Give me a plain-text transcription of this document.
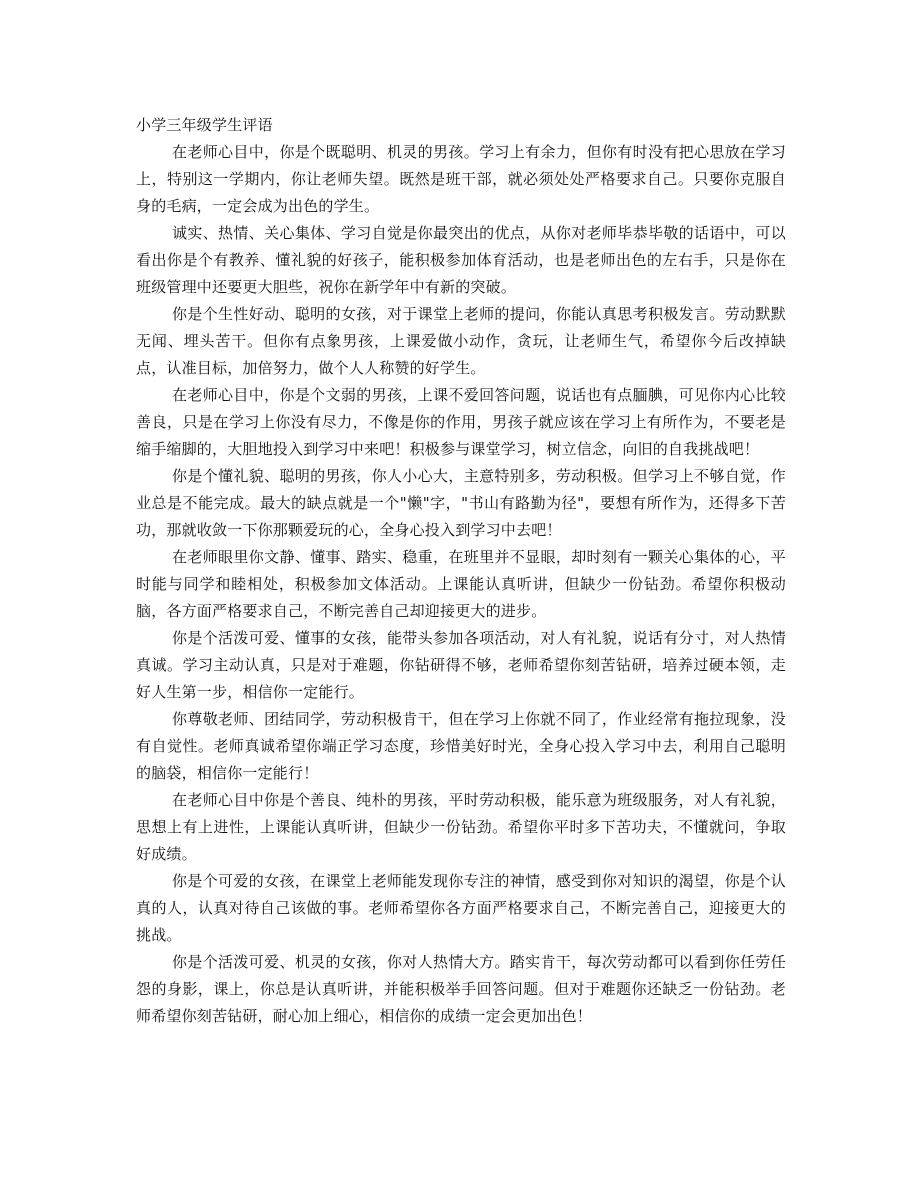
小学三年级学生评语

在老师心目中，你是个既聪明、机灵的男孩。学习上有余力，但你有时没有把心思放在学习上，特别这一学期内，你让老师失望。既然是班干部，就必须处处严格要求自己。只要你克服自身的毛病，一定会成为出色的学生。

诚实、热情、关心集体、学习自觉是你最突出的优点，从你对老师毕恭毕敬的话语中，可以看出你是个有教养、懂礼貌的好孩子，能积极参加体育活动，也是老师出色的左右手，只是你在班级管理中还要更大胆些，祝你在新学年中有新的突破。

你是个生性好动、聪明的女孩，对于课堂上老师的提问，你能认真思考积极发言。劳动默默无闻、埋头苦干。但你有点象男孩，上课爱做小动作，贪玩，让老师生气，希望你今后改掉缺点，认准目标，加倍努力，做个人人称赞的好学生。

在老师心目中，你是个文弱的男孩，上课不爱回答问题，说话也有点腼腆，可见你内心比较善良，只是在学习上你没有尽力，不像是你的作用，男孩子就应该在学习上有所作为，不要老是缩手缩脚的，大胆地投入到学习中来吧！积极参与课堂学习，树立信念，向旧的自我挑战吧！

你是个懂礼貌、聪明的男孩，你人小心大，主意特别多，劳动积极。但学习上不够自觉，作业总是不能完成。最大的缺点就是一个"懒"字，"书山有路勤为径"，要想有所作为，还得多下苦功，那就收敛一下你那颗爱玩的心，全身心投入到学习中去吧！

在老师眼里你文静、懂事、踏实、稳重，在班里并不显眼，却时刻有一颗关心集体的心，平时能与同学和睦相处，积极参加文体活动。上课能认真听讲，但缺少一份钻劲。希望你积极动脑，各方面严格要求自己，不断完善自己却迎接更大的进步。

你是个活泼可爱、懂事的女孩，能带头参加各项活动，对人有礼貌，说话有分寸，对人热情真诚。学习主动认真，只是对于难题，你钻研得不够，老师希望你刻苦钻研，培养过硬本领，走好人生第一步，相信你一定能行。

你尊敬老师、团结同学，劳动积极肯干，但在学习上你就不同了，作业经常有拖拉现象，没有自觉性。老师真诚希望你端正学习态度，珍惜美好时光，全身心投入学习中去，利用自己聪明的脑袋，相信你一定能行！

在老师心目中你是个善良、纯朴的男孩，平时劳动积极，能乐意为班级服务，对人有礼貌，思想上有上进性，上课能认真听讲，但缺少一份钻劲。希望你平时多下苦功夫，不懂就问，争取好成绩。

你是个可爱的女孩，在课堂上老师能发现你专注的神情，感受到你对知识的渴望，你是个认真的人，认真对待自己该做的事。老师希望你各方面严格要求自己，不断完善自己，迎接更大的挑战。

你是个活泼可爱、机灵的女孩，你对人热情大方。踏实肯干，每次劳动都可以看到你任劳任怨的身影，课上，你总是认真听讲，并能积极举手回答问题。但对于难题你还缺乏一份钻劲。老师希望你刻苦钻研，耐心加上细心，相信你的成绩一定会更加出色！
